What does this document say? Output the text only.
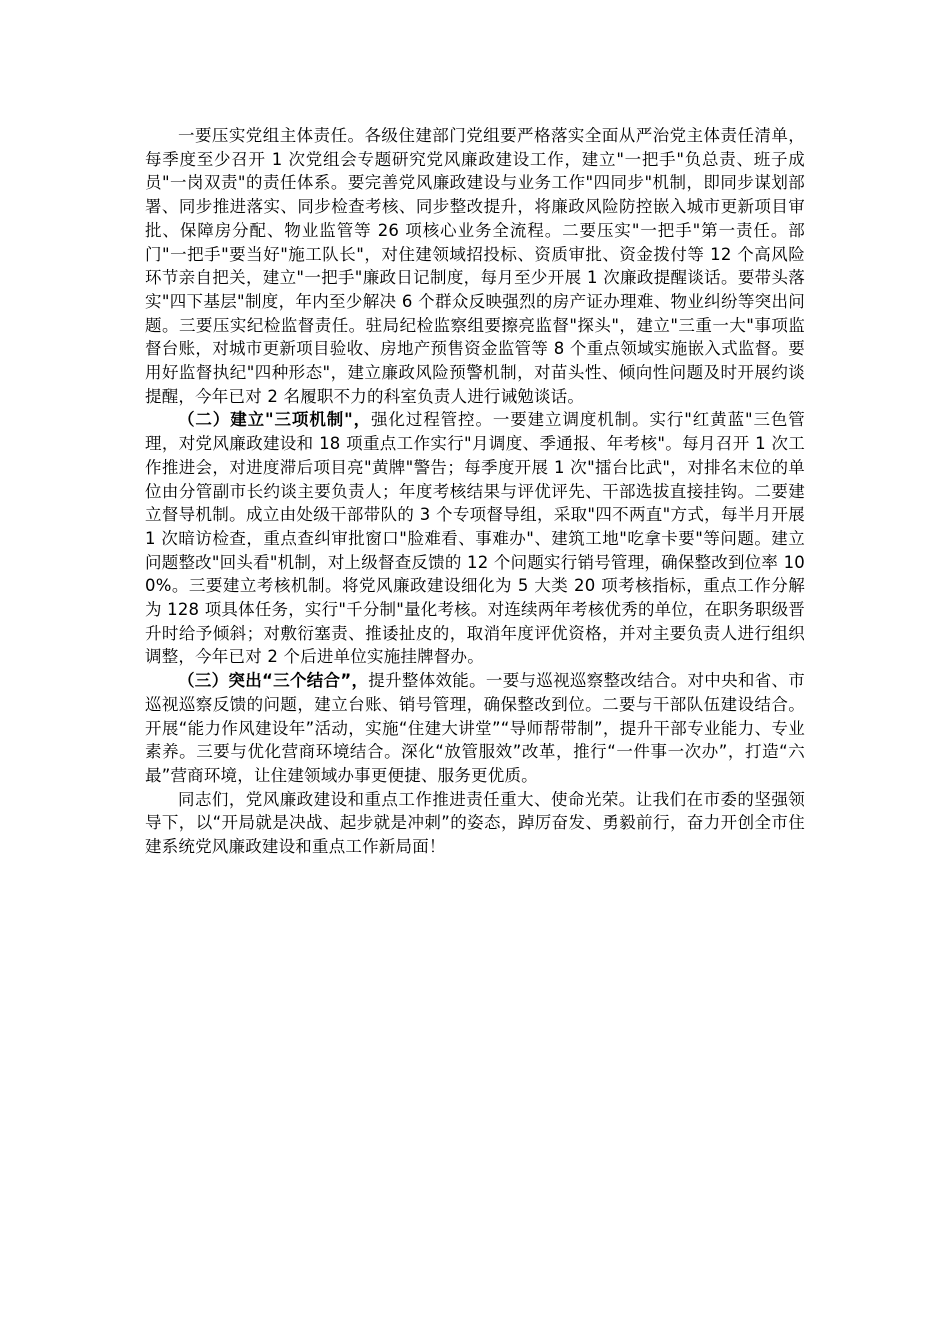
一要压实党组主体责任。各级住建部门党组要严格落实全面从严治党主体责任清单，每季度至少召开 1 次党组会专题研究党风廉政建设工作，建立"一把手"负总责、班子成员"一岗双责"的责任体系。要完善党风廉政建设与业务工作"四同步"机制，即同步谋划部署、同步推进落实、同步检查考核、同步整改提升，将廉政风险防控嵌入城市更新项目审批、保障房分配、物业监管等 26 项核心业务全流程。二要压实"一把手"第一责任。部门"一把手"要当好"施工队长"，对住建领域招投标、资质审批、资金拨付等 12 个高风险环节亲自把关，建立"一把手"廉政日记制度，每月至少开展 1 次廉政提醒谈话。要带头落实"四下基层"制度，年内至少解决 6 个群众反映强烈的房产证办理难、物业纠纷等突出问题。三要压实纪检监督责任。驻局纪检监察组要擦亮监督"探头"，建立"三重一大"事项监督台账，对城市更新项目验收、房地产预售资金监管等 8 个重点领域实施嵌入式监督。要用好监督执纪"四种形态"，建立廉政风险预警机制，对苗头性、倾向性问题及时开展约谈提醒，今年已对 2 名履职不力的科室负责人进行诫勉谈话。

（二）建立"三项机制"，强化过程管控。一要建立调度机制。实行"红黄蓝"三色管理，对党风廉政建设和 18 项重点工作实行"月调度、季通报、年考核"。每月召开 1 次工作推进会，对进度滞后项目亮"黄牌"警告；每季度开展 1 次"擂台比武"，对排名末位的单位由分管副市长约谈主要负责人；年度考核结果与评优评先、干部选拔直接挂钩。二要建立督导机制。成立由处级干部带队的 3 个专项督导组，采取"四不两直"方式，每半月开展 1 次暗访检查，重点查纠审批窗口"脸难看、事难办"、建筑工地"吃拿卡要"等问题。建立问题整改"回头看"机制，对上级督查反馈的 12 个问题实行销号管理，确保整改到位率 100%。三要建立考核机制。将党风廉政建设细化为 5 大类 20 项考核指标，重点工作分解为 128 项具体任务，实行"千分制"量化考核。对连续两年考核优秀的单位，在职务职级晋升时给予倾斜；对敷衍塞责、推诿扯皮的，取消年度评优资格，并对主要负责人进行组织调整，今年已对 2 个后进单位实施挂牌督办。

（三）突出“三个结合”，提升整体效能。一要与巡视巡察整改结合。对中央和省、市巡视巡察反馈的问题，建立台账、销号管理，确保整改到位。二要与干部队伍建设结合。开展“能力作风建设年”活动，实施“住建大讲堂”“导师帮带制”，提升干部专业能力、专业素养。三要与优化营商环境结合。深化“放管服效”改革，推行“一件事一次办”，打造“六最”营商环境，让住建领域办事更便捷、服务更优质。

同志们，党风廉政建设和重点工作推进责任重大、使命光荣。让我们在市委的坚强领导下，以“开局就是决战、起步就是冲刺”的姿态，踔厉奋发、勇毅前行，奋力开创全市住建系统党风廉政建设和重点工作新局面！
